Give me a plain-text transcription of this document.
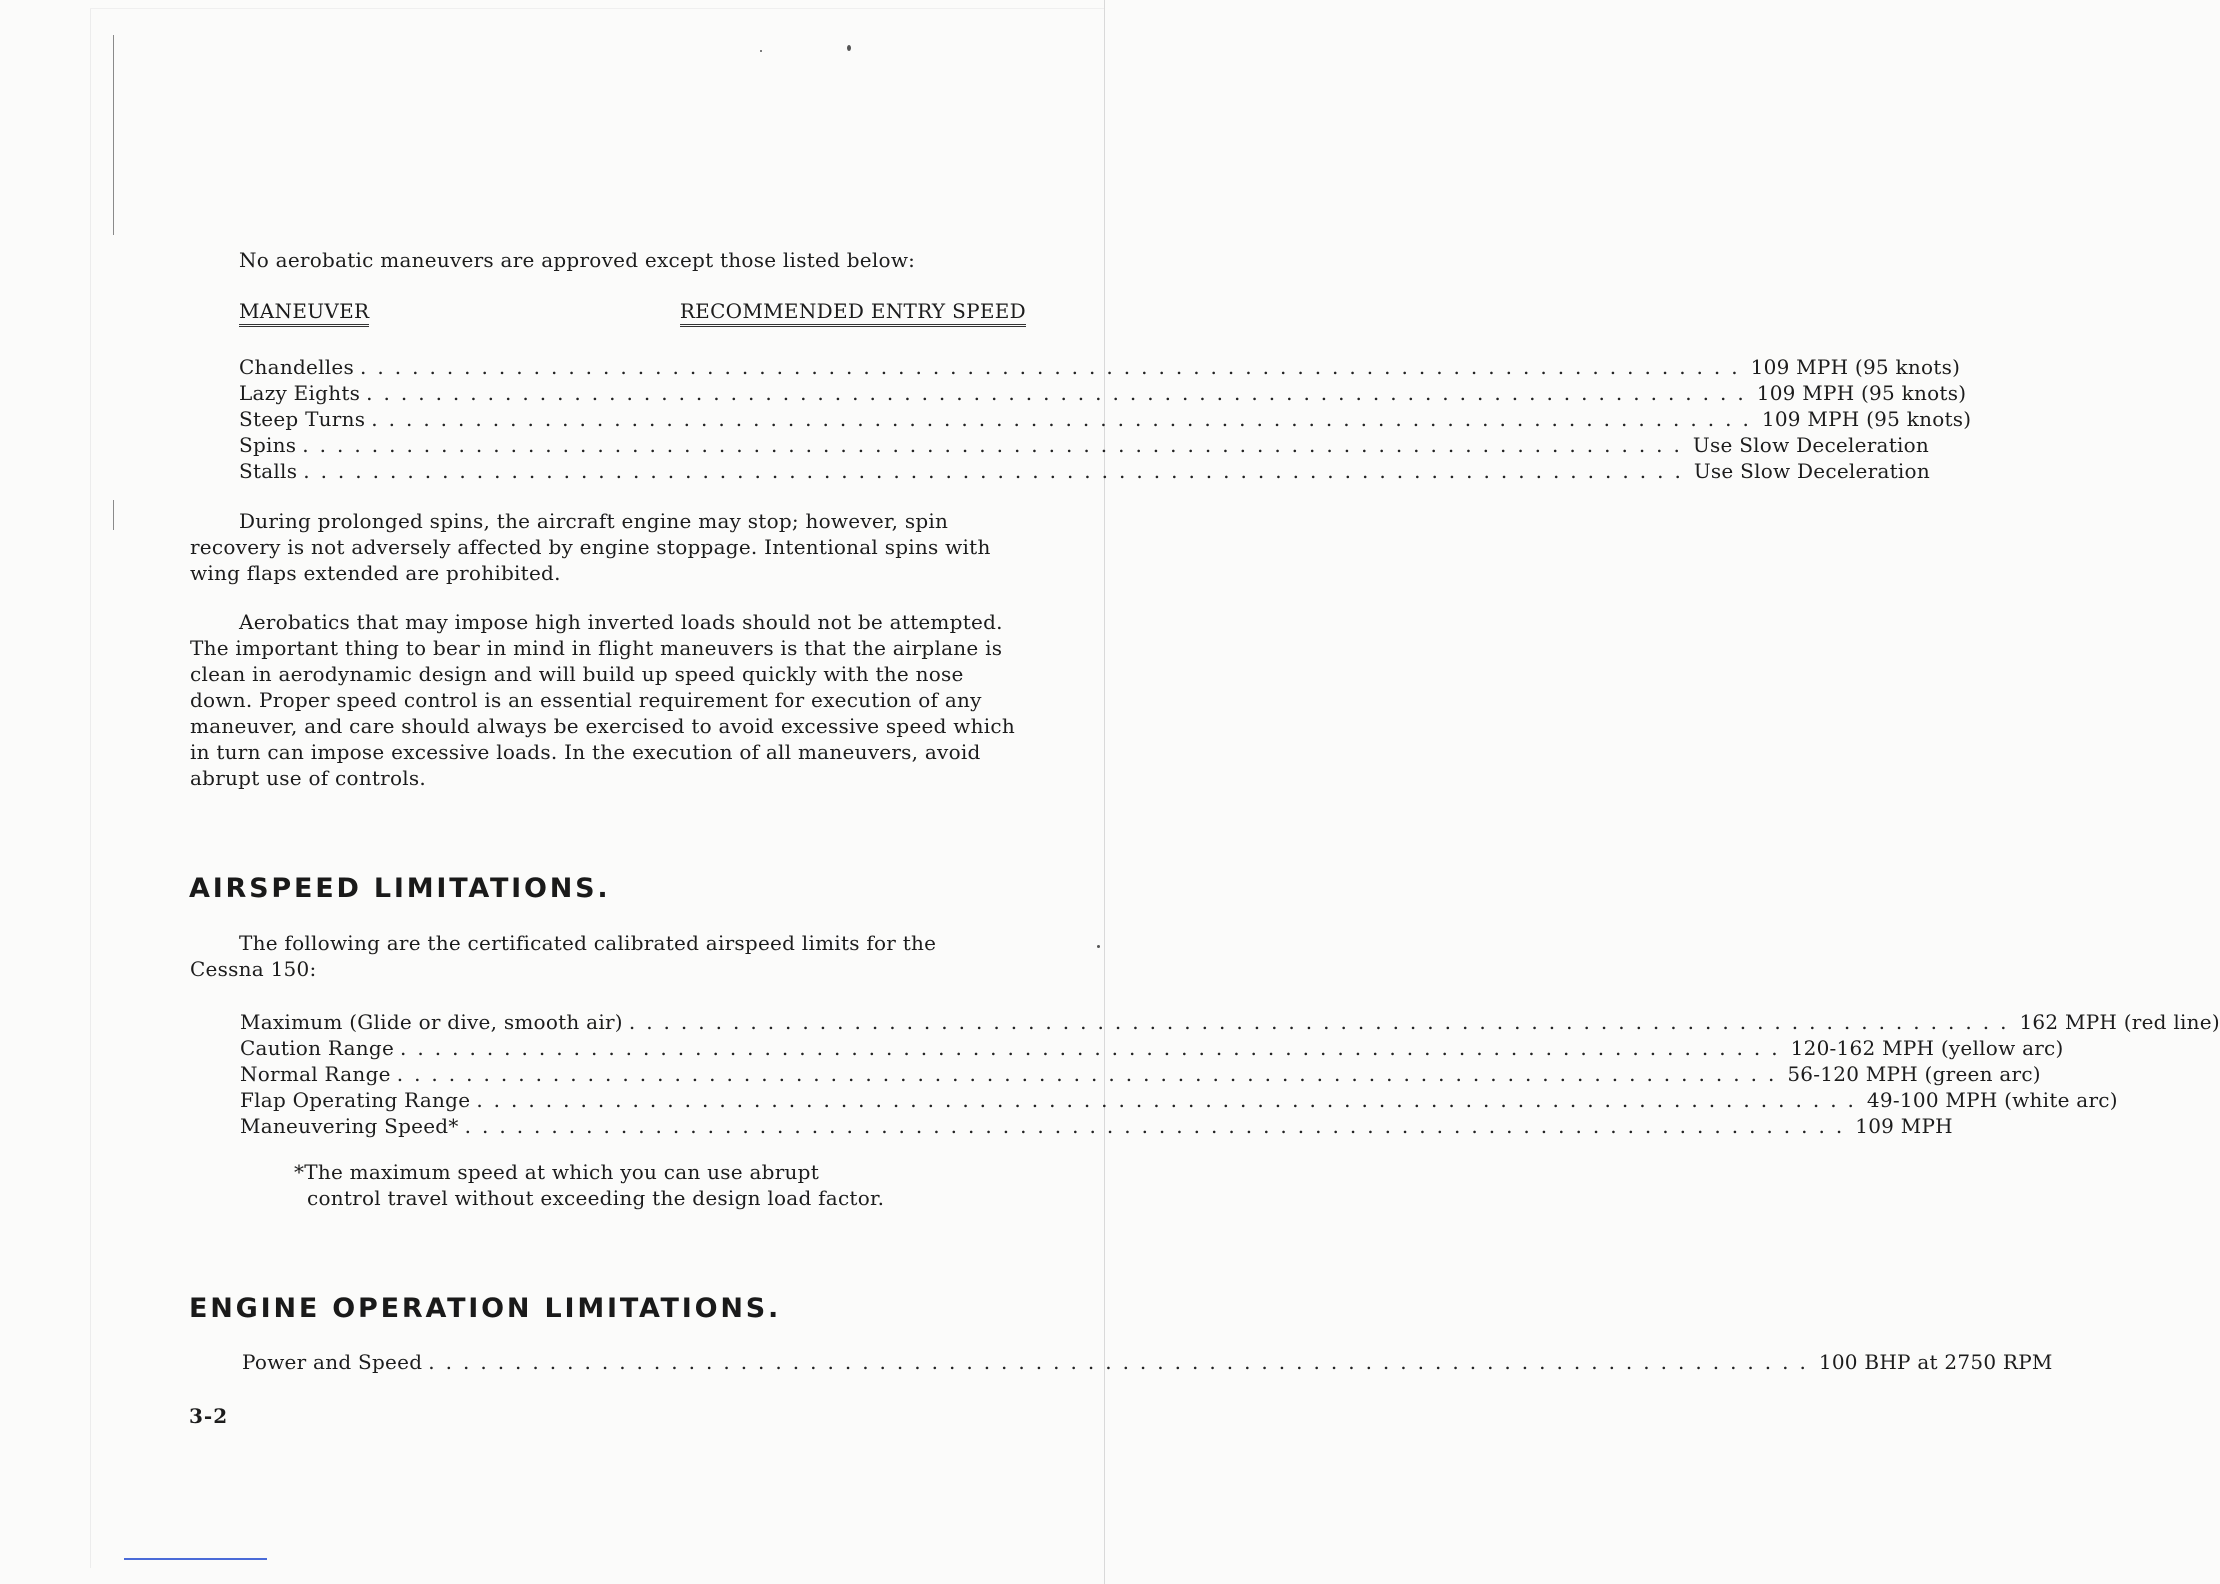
No aerobatic maneuvers are approved except those listed below:

MANEUVER	RECOMMENDED ENTRY SPEED
Chandelles ................................................................................ 109 MPH (95 knots)
Lazy Eights ................................................................................ 109 MPH (95 knots)
Steep Turns ................................................................................ 109 MPH (95 knots)
Spins ................................................................................ Use Slow Deceleration
Stalls ................................................................................ Use Slow Deceleration

During prolonged spins, the aircraft engine may stop; however, spin recovery is not adversely affected by engine stoppage. Intentional spins with wing flaps extended are prohibited.

Aerobatics that may impose high inverted loads should not be attempted. The important thing to bear in mind in flight maneuvers is that the airplane is clean in aerodynamic design and will build up speed quickly with the nose down. Proper speed control is an essential requirement for execution of any maneuver, and care should always be exercised to avoid excessive speed which in turn can impose excessive loads. In the execution of all maneuvers, avoid abrupt use of controls.

AIRSPEED LIMITATIONS.

The following are the certificated calibrated airspeed limits for the Cessna 150:

Maximum (Glide or dive, smooth air) ................................................................................ 162 MPH (red line)
Caution Range ................................................................................ 120-162 MPH (yellow arc)
Normal Range ................................................................................ 56-120 MPH (green arc)
Flap Operating Range ................................................................................ 49-100 MPH (white arc)
Maneuvering Speed* ................................................................................ 109 MPH

*The maximum speed at which you can use abrupt
control travel without exceeding the design load factor.

ENGINE OPERATION LIMITATIONS.
Power and Speed ................................................................................ 100 BHP at 2750 RPM

3-2
